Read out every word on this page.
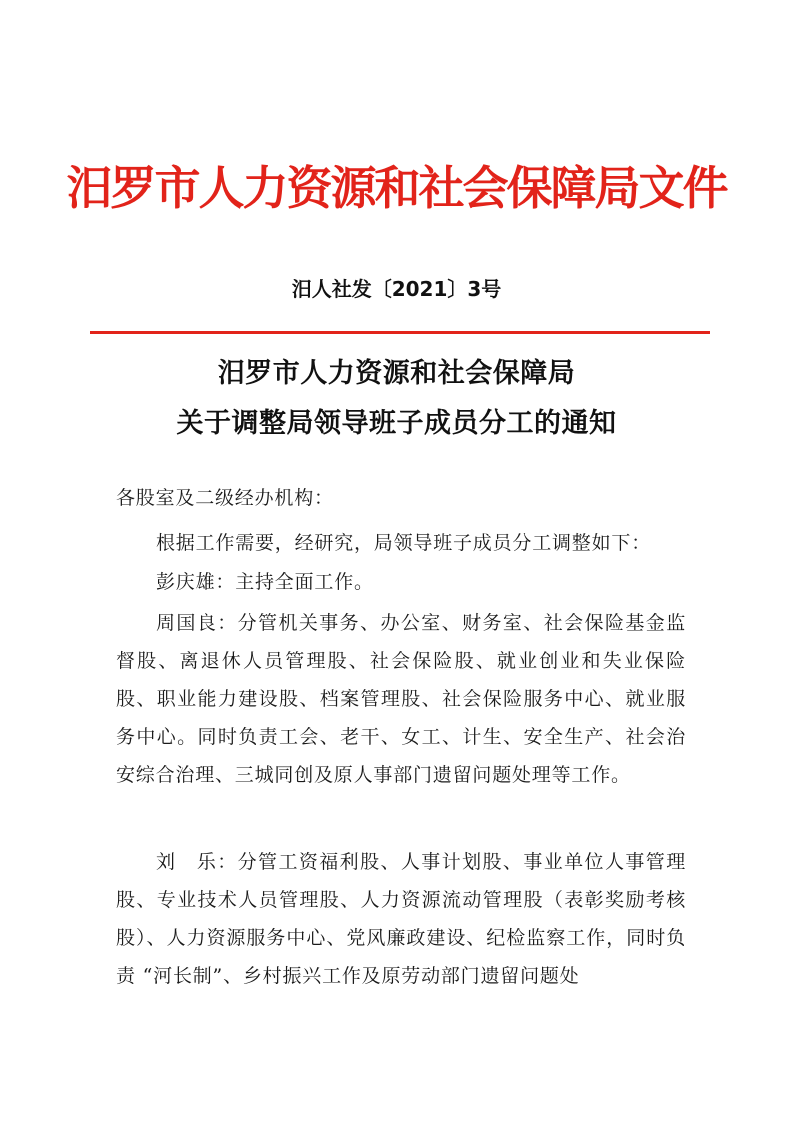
汨罗市人力资源和社会保障局文件
汨人社发〔2021〕3号
汨罗市人力资源和社会保障局
关于调整局领导班子成员分工的通知
各股室及二级经办机构：
根据工作需要，经研究，局领导班子成员分工调整如下：
彭庆雄：主持全面工作。
周国良：分管机关事务、办公室、财务室、社会保险基金监督股、离退休人员管理股、社会保险股、就业创业和失业保险股、职业能力建设股、档案管理股、社会保险服务中心、就业服务中心。同时负责工会、老干、女工、计生、安全生产、社会治安综合治理、三城同创及原人事部门遗留问题处理等工作。
刘　乐：分管工资福利股、人事计划股、事业单位人事管理股、专业技术人员管理股、人力资源流动管理股（表彰奖励考核股）、人力资源服务中心、党风廉政建设、纪检监察工作，同时负责 “河长制”、乡村振兴工作及原劳动部门遗留问题处
